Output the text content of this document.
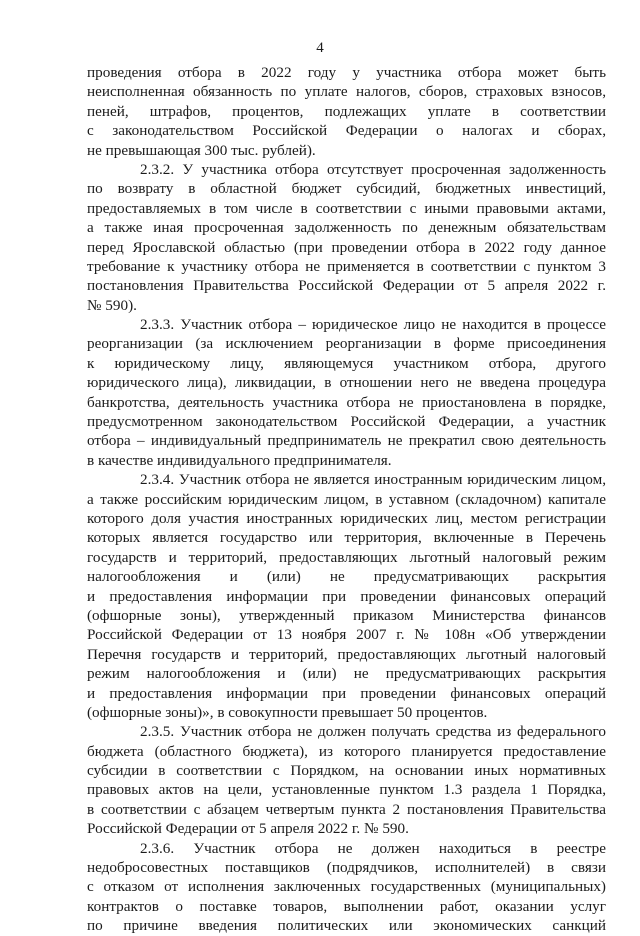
4
проведения отбора в 2022 году у участника отбора может быть
неисполненная обязанность по уплате налогов, сборов, страховых взносов,
пеней, штрафов, процентов, подлежащих уплате в соответствии
с законодательством Российской Федерации о налогах и сборах,
не превышающая 300 тыс. рублей).
2.3.2. У участника отбора отсутствует просроченная задолженность
по возврату в областной бюджет субсидий, бюджетных инвестиций,
предоставляемых в том числе в соответствии с иными правовыми актами,
а также иная просроченная задолженность по денежным обязательствам
перед Ярославской областью (при проведении отбора в 2022 году данное
требование к участнику отбора не применяется в соответствии с пунктом 3
постановления Правительства Российской Федерации от 5 апреля 2022 г.
№ 590).
2.3.3. Участник отбора – юридическое лицо не находится в процессе
реорганизации (за исключением реорганизации в форме присоединения
к юридическому лицу, являющемуся участником отбора, другого
юридического лица), ликвидации, в отношении него не введена процедура
банкротства, деятельность участника отбора не приостановлена в порядке,
предусмотренном законодательством Российской Федерации, а участник
отбора – индивидуальный предприниматель не прекратил свою деятельность
в качестве индивидуального предпринимателя.
2.3.4. Участник отбора не является иностранным юридическим лицом,
а также российским юридическим лицом, в уставном (складочном) капитале
которого доля участия иностранных юридических лиц, местом регистрации
которых является государство или территория, включенные в Перечень
государств и территорий, предоставляющих льготный налоговый режим
налогообложения и (или) не предусматривающих раскрытия
и предоставления информации при проведении финансовых операций
(офшорные зоны), утвержденный приказом Министерства финансов
Российской Федерации от 13 ноября 2007 г. № 108н «Об утверждении
Перечня государств и территорий, предоставляющих льготный налоговый
режим налогообложения и (или) не предусматривающих раскрытия
и предоставления информации при проведении финансовых операций
(офшорные зоны)», в совокупности превышает 50 процентов.
2.3.5. Участник отбора не должен получать средства из федерального
бюджета (областного бюджета), из которого планируется предоставление
субсидии в соответствии с Порядком, на основании иных нормативных
правовых актов на цели, установленные пунктом 1.3 раздела 1 Порядка,
в соответствии с абзацем четвертым пункта 2 постановления Правительства
Российской Федерации от 5 апреля 2022 г. № 590.
2.3.6. Участник отбора не должен находиться в реестре
недобросовестных поставщиков (подрядчиков, исполнителей) в связи
с отказом от исполнения заключенных государственных (муниципальных)
контрактов о поставке товаров, выполнении работ, оказании услуг
по причине введения политических или экономических санкций
